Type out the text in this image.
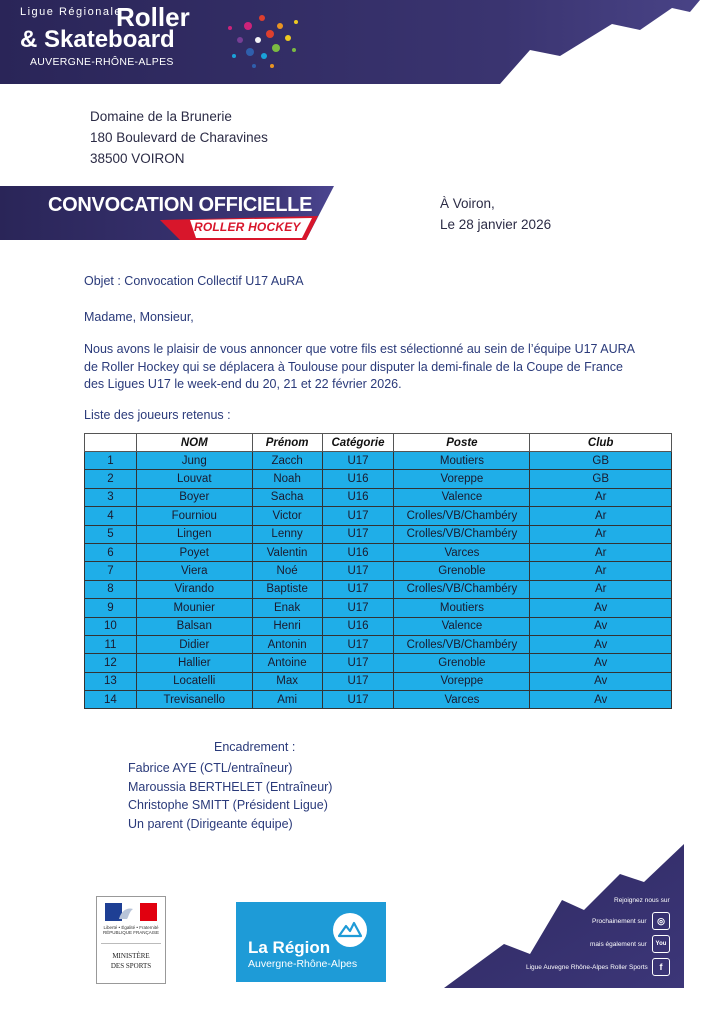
Ligue Régionale
Roller
& Skateboard
AUVERGNE-RHÔNE-ALPES
Domaine de la Brunerie
180 Boulevard de Charavines
38500 VOIRON
CONVOCATION OFFICIELLE
ROLLER HOCKEY
À Voiron,
Le 28 janvier 2026
Objet : Convocation Collectif U17 AuRA
Madame, Monsieur,
Nous avons le plaisir de vous annoncer que votre fils est sélectionné au sein de l’équipe U17 AURA de Roller Hockey qui se déplacera à Toulouse pour disputer la demi-finale de la Coupe de France des Ligues U17 le week-end du 20, 21 et 22 février 2026.
Liste des joueurs retenus :
	NOM	Prénom	Catégorie	Poste	Club
1	Jung	Zacch	U17	Moutiers	GB
2	Louvat	Noah	U16	Voreppe	GB
3	Boyer	Sacha	U16	Valence	Ar
4	Fourniou	Victor	U17	Crolles/VB/Chambéry	Ar
5	Lingen	Lenny	U17	Crolles/VB/Chambéry	Ar
6	Poyet	Valentin	U16	Varces	Ar
7	Viera	Noé	U17	Grenoble	Ar
8	Virando	Baptiste	U17	Crolles/VB/Chambéry	Ar
9	Mounier	Enak	U17	Moutiers	Av
10	Balsan	Henri	U16	Valence	Av
11	Didier	Antonin	U17	Crolles/VB/Chambéry	Av
12	Hallier	Antoine	U17	Grenoble	Av
13	Locatelli	Max	U17	Voreppe	Av
14	Trevisanello	Ami	U17	Varces	Av
Encadrement :
Fabrice AYE (CTL/entraîneur)
Maroussia BERTHELET (Entraîneur)
Christophe SMITT (Président Ligue)
Un parent (Dirigeante équipe)
Liberté • Égalité • Fraternité RÉPUBLIQUE FRANÇAISE
MINISTÈRE
DES SPORTS
La Région
Auvergne-Rhône-Alpes
Rejoignez nous sur
Prochainement sur	◎
mais également sur	You
Ligue Auvegne Rhône-Alpes Roller Sports	f
